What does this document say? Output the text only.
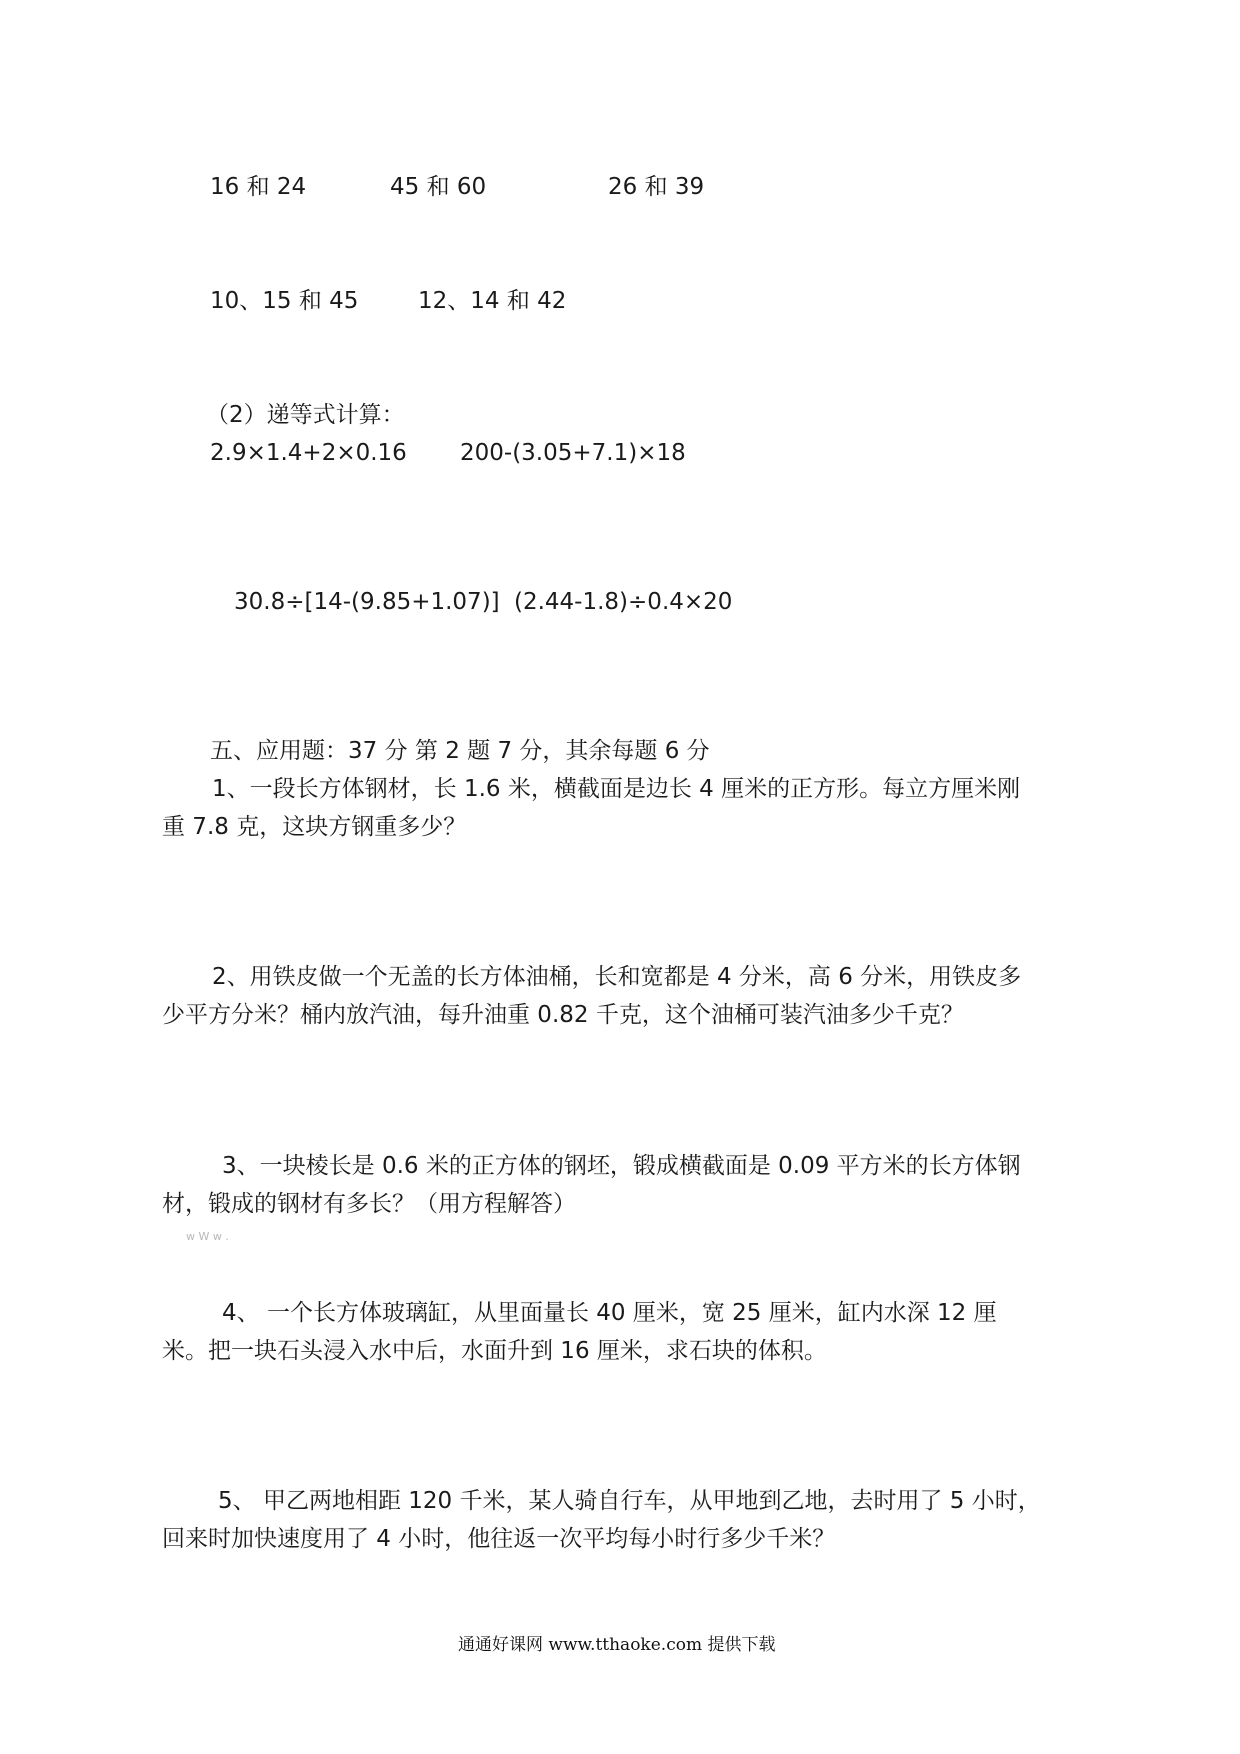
16 和 24	45 和 60	26 和 39
10、15 和 45	12、14 和 42
（2）递等式计算：
2.9×1.4+2×0.16 200-(3.05+7.1)×18
30.8÷[14-(9.85+1.07)] (2.44-1.8)÷0.4×20
五、应用题：37 分 第 2 题 7 分，其余每题 6 分
1、一段长方体钢材，长 1.6 米，横截面是边长 4 厘米的正方形。每立方厘米刚
重 7.8 克，这块方钢重多少？
2、用铁皮做一个无盖的长方体油桶，长和宽都是 4 分米，高 6 分米，用铁皮多
少平方分米？桶内放汽油，每升油重 0.82 千克，这个油桶可装汽油多少千克？
3、一块棱长是 0.6 米的正方体的钢坯，锻成横截面是 0.09 平方米的长方体钢
材，锻成的钢材有多长？（用方程解答）
w W w .
4、 一个长方体玻璃缸，从里面量长 40 厘米，宽 25 厘米，缸内水深 12 厘
米。把一块石头浸入水中后，水面升到 16 厘米，求石块的体积。
5、 甲乙两地相距 120 千米，某人骑自行车，从甲地到乙地，去时用了 5 小时，
回来时加快速度用了 4 小时，他往返一次平均每小时行多少千米？
通通好课网 www.tthaoke.com 提供下载
